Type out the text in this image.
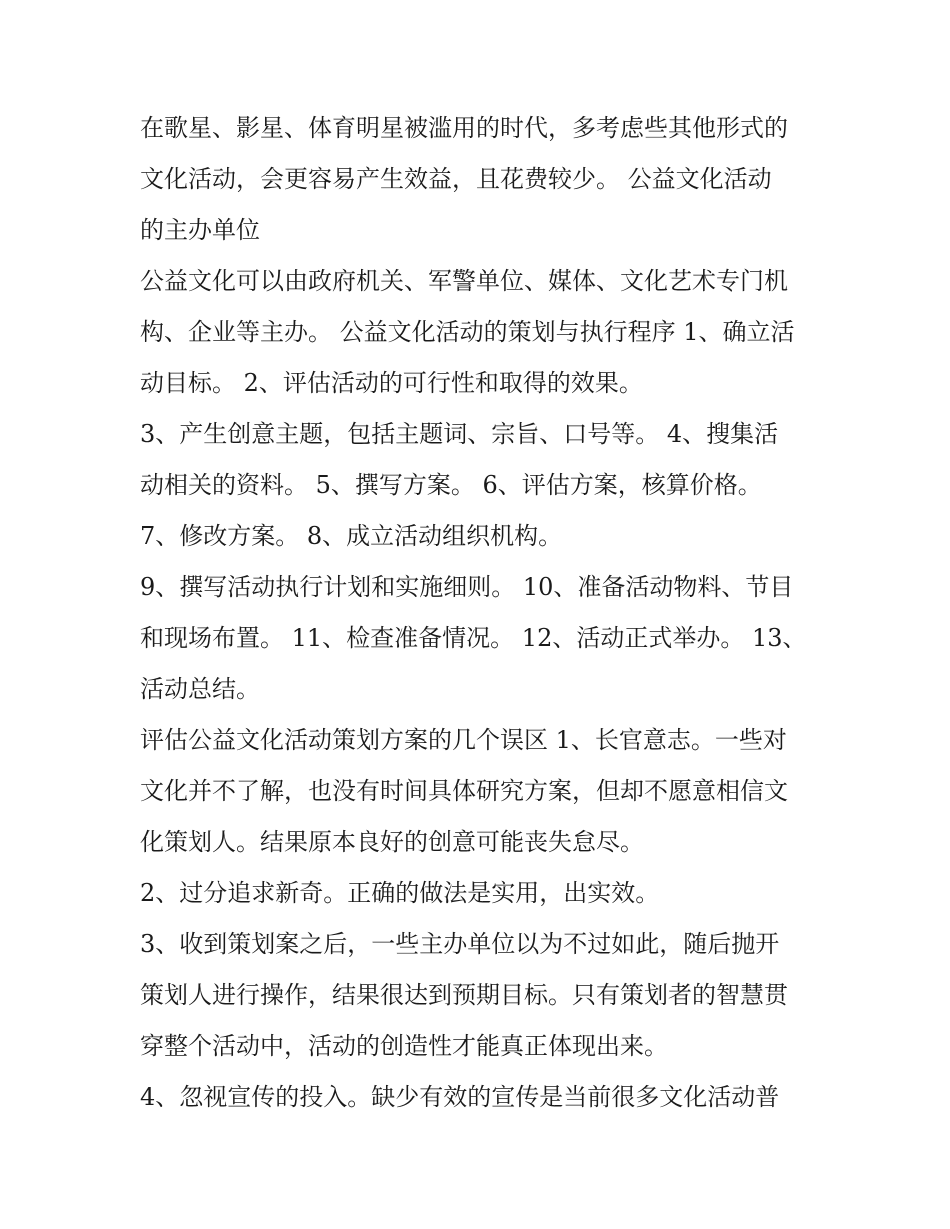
在歌星、影星、体育明星被滥用的时代，多考虑些其他形式的
文化活动，会更容易产生效益，且花费较少。 公益文化活动
的主办单位
公益文化可以由政府机关、军警单位、媒体、文化艺术专门机
构、企业等主办。 公益文化活动的策划与执行程序 1、确立活
动目标。 2、评估活动的可行性和取得的效果。
3、产生创意主题，包括主题词、宗旨、口号等。 4、搜集活
动相关的资料。 5、撰写方案。 6、评估方案，核算价格。
7、修改方案。 8、成立活动组织机构。
9、撰写活动执行计划和实施细则。 10、准备活动物料、节目
和现场布置。 11、检查准备情况。 12、活动正式举办。 13、
活动总结。
评估公益文化活动策划方案的几个误区 1、长官意志。一些对
文化并不了解，也没有时间具体研究方案，但却不愿意相信文
化策划人。结果原本良好的创意可能丧失怠尽。
2、过分追求新奇。正确的做法是实用，出实效。
3、收到策划案之后，一些主办单位以为不过如此，随后抛开
策划人进行操作，结果很达到预期目标。只有策划者的智慧贯
穿整个活动中，活动的创造性才能真正体现出来。
4、忽视宣传的投入。缺少有效的宣传是当前很多文化活动普
